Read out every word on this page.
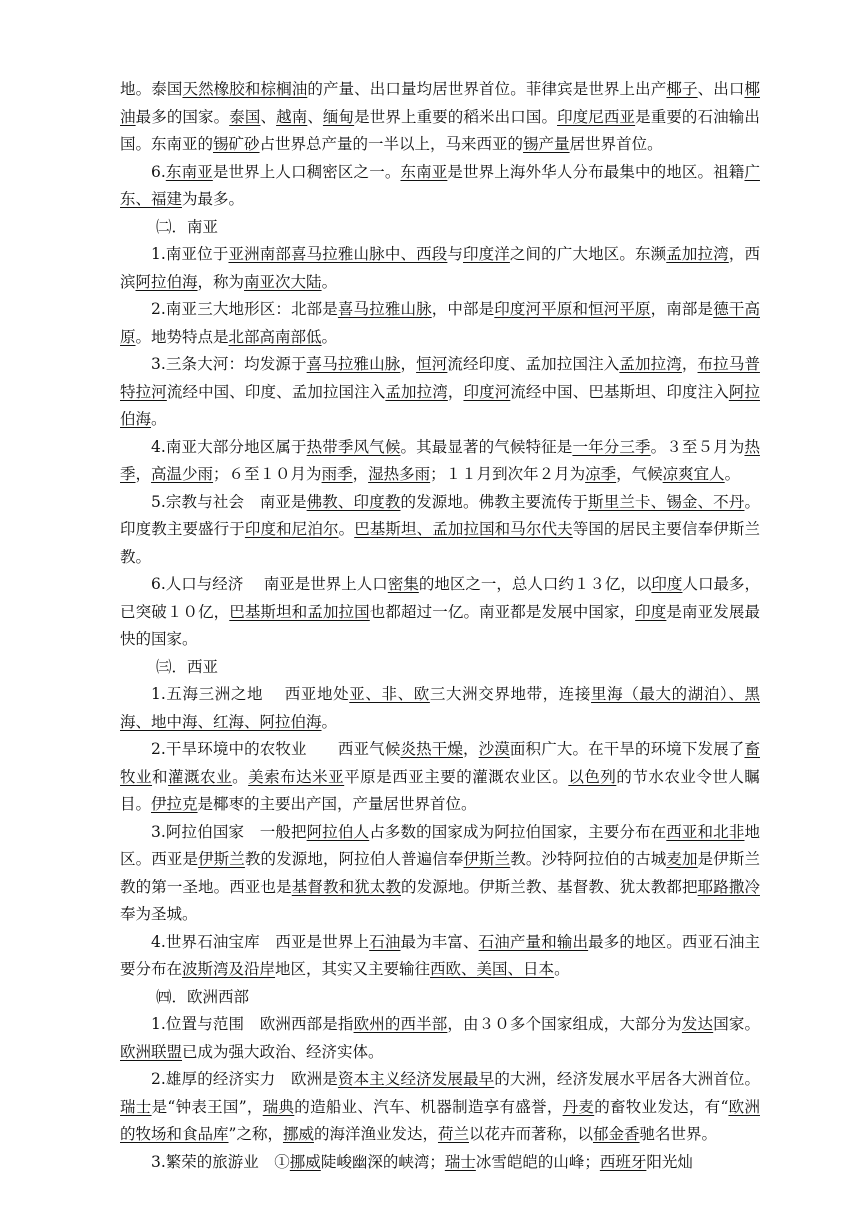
地。泰国天然橡胶和棕榈油的产量、出口量均居世界首位。菲律宾是世界上出产椰子、出口椰油最多的国家。泰国、越南、缅甸是世界上重要的稻米出口国。印度尼西亚是重要的石油输出国。东南亚的锡矿砂占世界总产量的一半以上，马来西亚的锡产量居世界首位。

6.东南亚是世界上人口稠密区之一。东南亚是世界上海外华人分布最集中的地区。祖籍广东、福建为最多。

㈡．南亚

1.南亚位于亚洲南部喜马拉雅山脉中、西段与印度洋之间的广大地区。东濒孟加拉湾，西滨阿拉伯海，称为南亚次大陆。

2.南亚三大地形区：北部是喜马拉雅山脉，中部是印度河平原和恒河平原，南部是德干高原。地势特点是北部高南部低。

3.三条大河：均发源于喜马拉雅山脉，恒河流经印度、孟加拉国注入孟加拉湾，布拉马普特拉河流经中国、印度、孟加拉国注入孟加拉湾，印度河流经中国、巴基斯坦、印度注入阿拉伯海。

4.南亚大部分地区属于热带季风气候。其最显著的气候特征是一年分三季。３至５月为热季，高温少雨；６至１０月为雨季，湿热多雨；１１月到次年２月为凉季，气候凉爽宜人。

5.宗教与社会　南亚是佛教、印度教的发源地。佛教主要流传于斯里兰卡、锡金、不丹。印度教主要盛行于印度和尼泊尔。巴基斯坦、孟加拉国和马尔代夫等国的居民主要信奉伊斯兰教。

6.人口与经济　 南亚是世界上人口密集的地区之一，总人口约１３亿，以印度人口最多，已突破１０亿，巴基斯坦和孟加拉国也都超过一亿。南亚都是发展中国家，印度是南亚发展最快的国家。

㈢．西亚

1.五海三洲之地　 西亚地处亚、非、欧三大洲交界地带，连接里海（最大的湖泊）、黑海、地中海、红海、阿拉伯海。

2.干旱环境中的农牧业　　西亚气候炎热干燥，沙漠面积广大。在干旱的环境下发展了畜牧业和灌溉农业。美索布达米亚平原是西亚主要的灌溉农业区。以色列的节水农业令世人瞩目。伊拉克是椰枣的主要出产国，产量居世界首位。

3.阿拉伯国家　一般把阿拉伯人占多数的国家成为阿拉伯国家，主要分布在西亚和北非地区。西亚是伊斯兰教的发源地，阿拉伯人普遍信奉伊斯兰教。沙特阿拉伯的古城麦加是伊斯兰教的第一圣地。西亚也是基督教和犹太教的发源地。伊斯兰教、基督教、犹太教都把耶路撒冷奉为圣城。

4.世界石油宝库　西亚是世界上石油最为丰富、石油产量和输出最多的地区。西亚石油主要分布在波斯湾及沿岸地区，其实又主要输往西欧、美国、日本。

㈣．欧洲西部

1.位置与范围　欧洲西部是指欧州的西半部，由３０多个国家组成，大部分为发达国家。欧洲联盟已成为强大政治、经济实体。

2.雄厚的经济实力　欧洲是资本主义经济发展最早的大洲，经济发展水平居各大洲首位。瑞士是“钟表王国”，瑞典的造船业、汽车、机器制造享有盛誉，丹麦的畜牧业发达，有“欧洲的牧场和食品库”之称，挪威的海洋渔业发达，荷兰以花卉而著称，以郁金香驰名世界。

3.繁荣的旅游业　①挪威陡峻幽深的峡湾；瑞士冰雪皑皑的山峰；西班牙阳光灿
